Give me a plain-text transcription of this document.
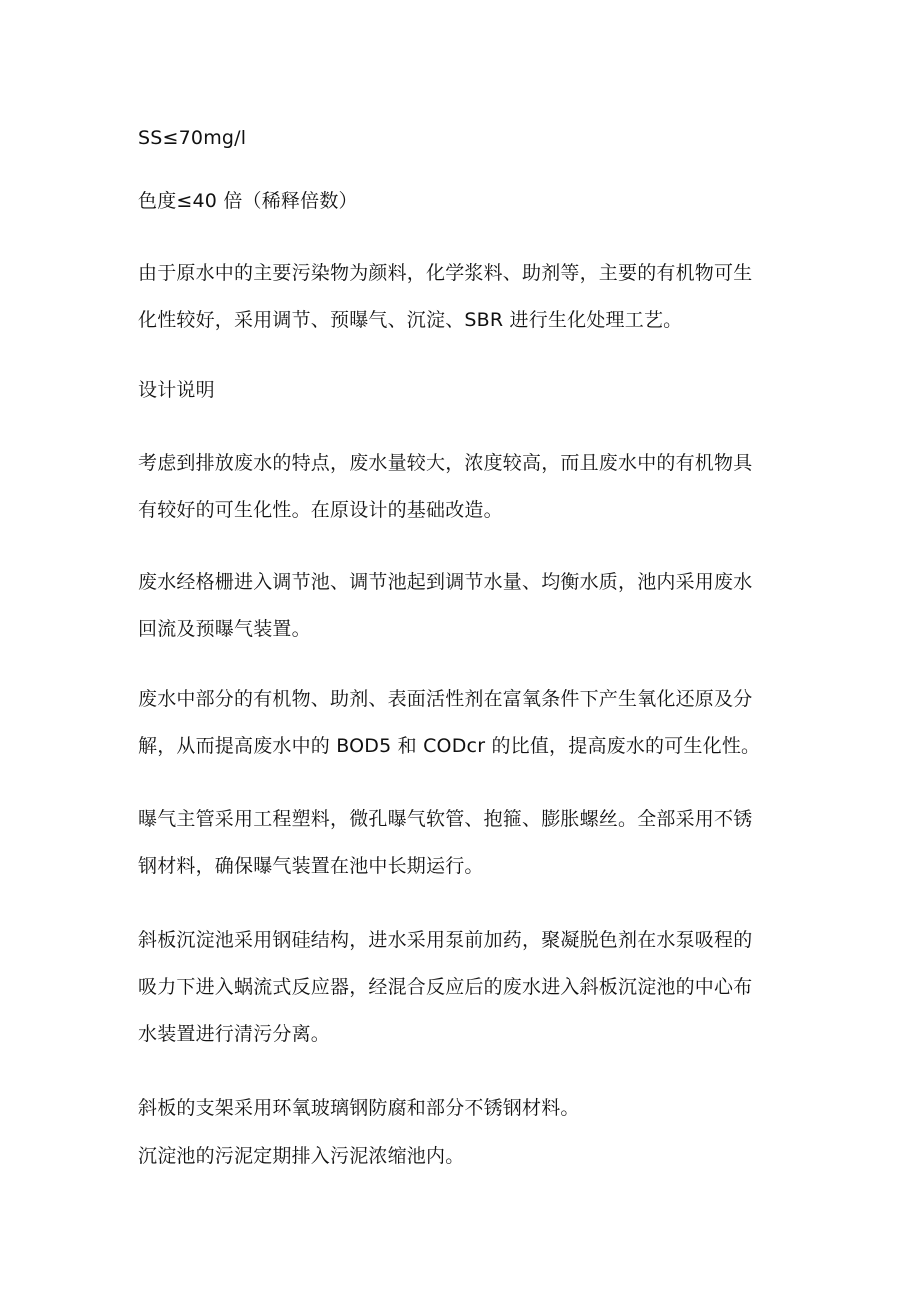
SS≤70mg/l

色度≤40 倍（稀释倍数）

由于原水中的主要污染物为颜料，化学浆料、助剂等，主要的有机物可生
化性较好，采用调节、预曝气、沉淀、SBR 进行生化处理工艺。

设计说明

考虑到排放废水的特点，废水量较大，浓度较高，而且废水中的有机物具
有较好的可生化性。在原设计的基础改造。

废水经格栅进入调节池、调节池起到调节水量、均衡水质，池内采用废水
回流及预曝气装置。

废水中部分的有机物、助剂、表面活性剂在富氧条件下产生氧化还原及分
解，从而提高废水中的 BOD5 和 CODcr 的比值，提高废水的可生化性。

曝气主管采用工程塑料，微孔曝气软管、抱箍、膨胀螺丝。全部采用不锈
钢材料，确保曝气装置在池中长期运行。

斜板沉淀池采用钢硅结构，进水采用泵前加药，聚凝脱色剂在水泵吸程的
吸力下进入蜗流式反应器，经混合反应后的废水进入斜板沉淀池的中心布
水装置进行清污分离。

斜板的支架采用环氧玻璃钢防腐和部分不锈钢材料。

沉淀池的污泥定期排入污泥浓缩池内。
